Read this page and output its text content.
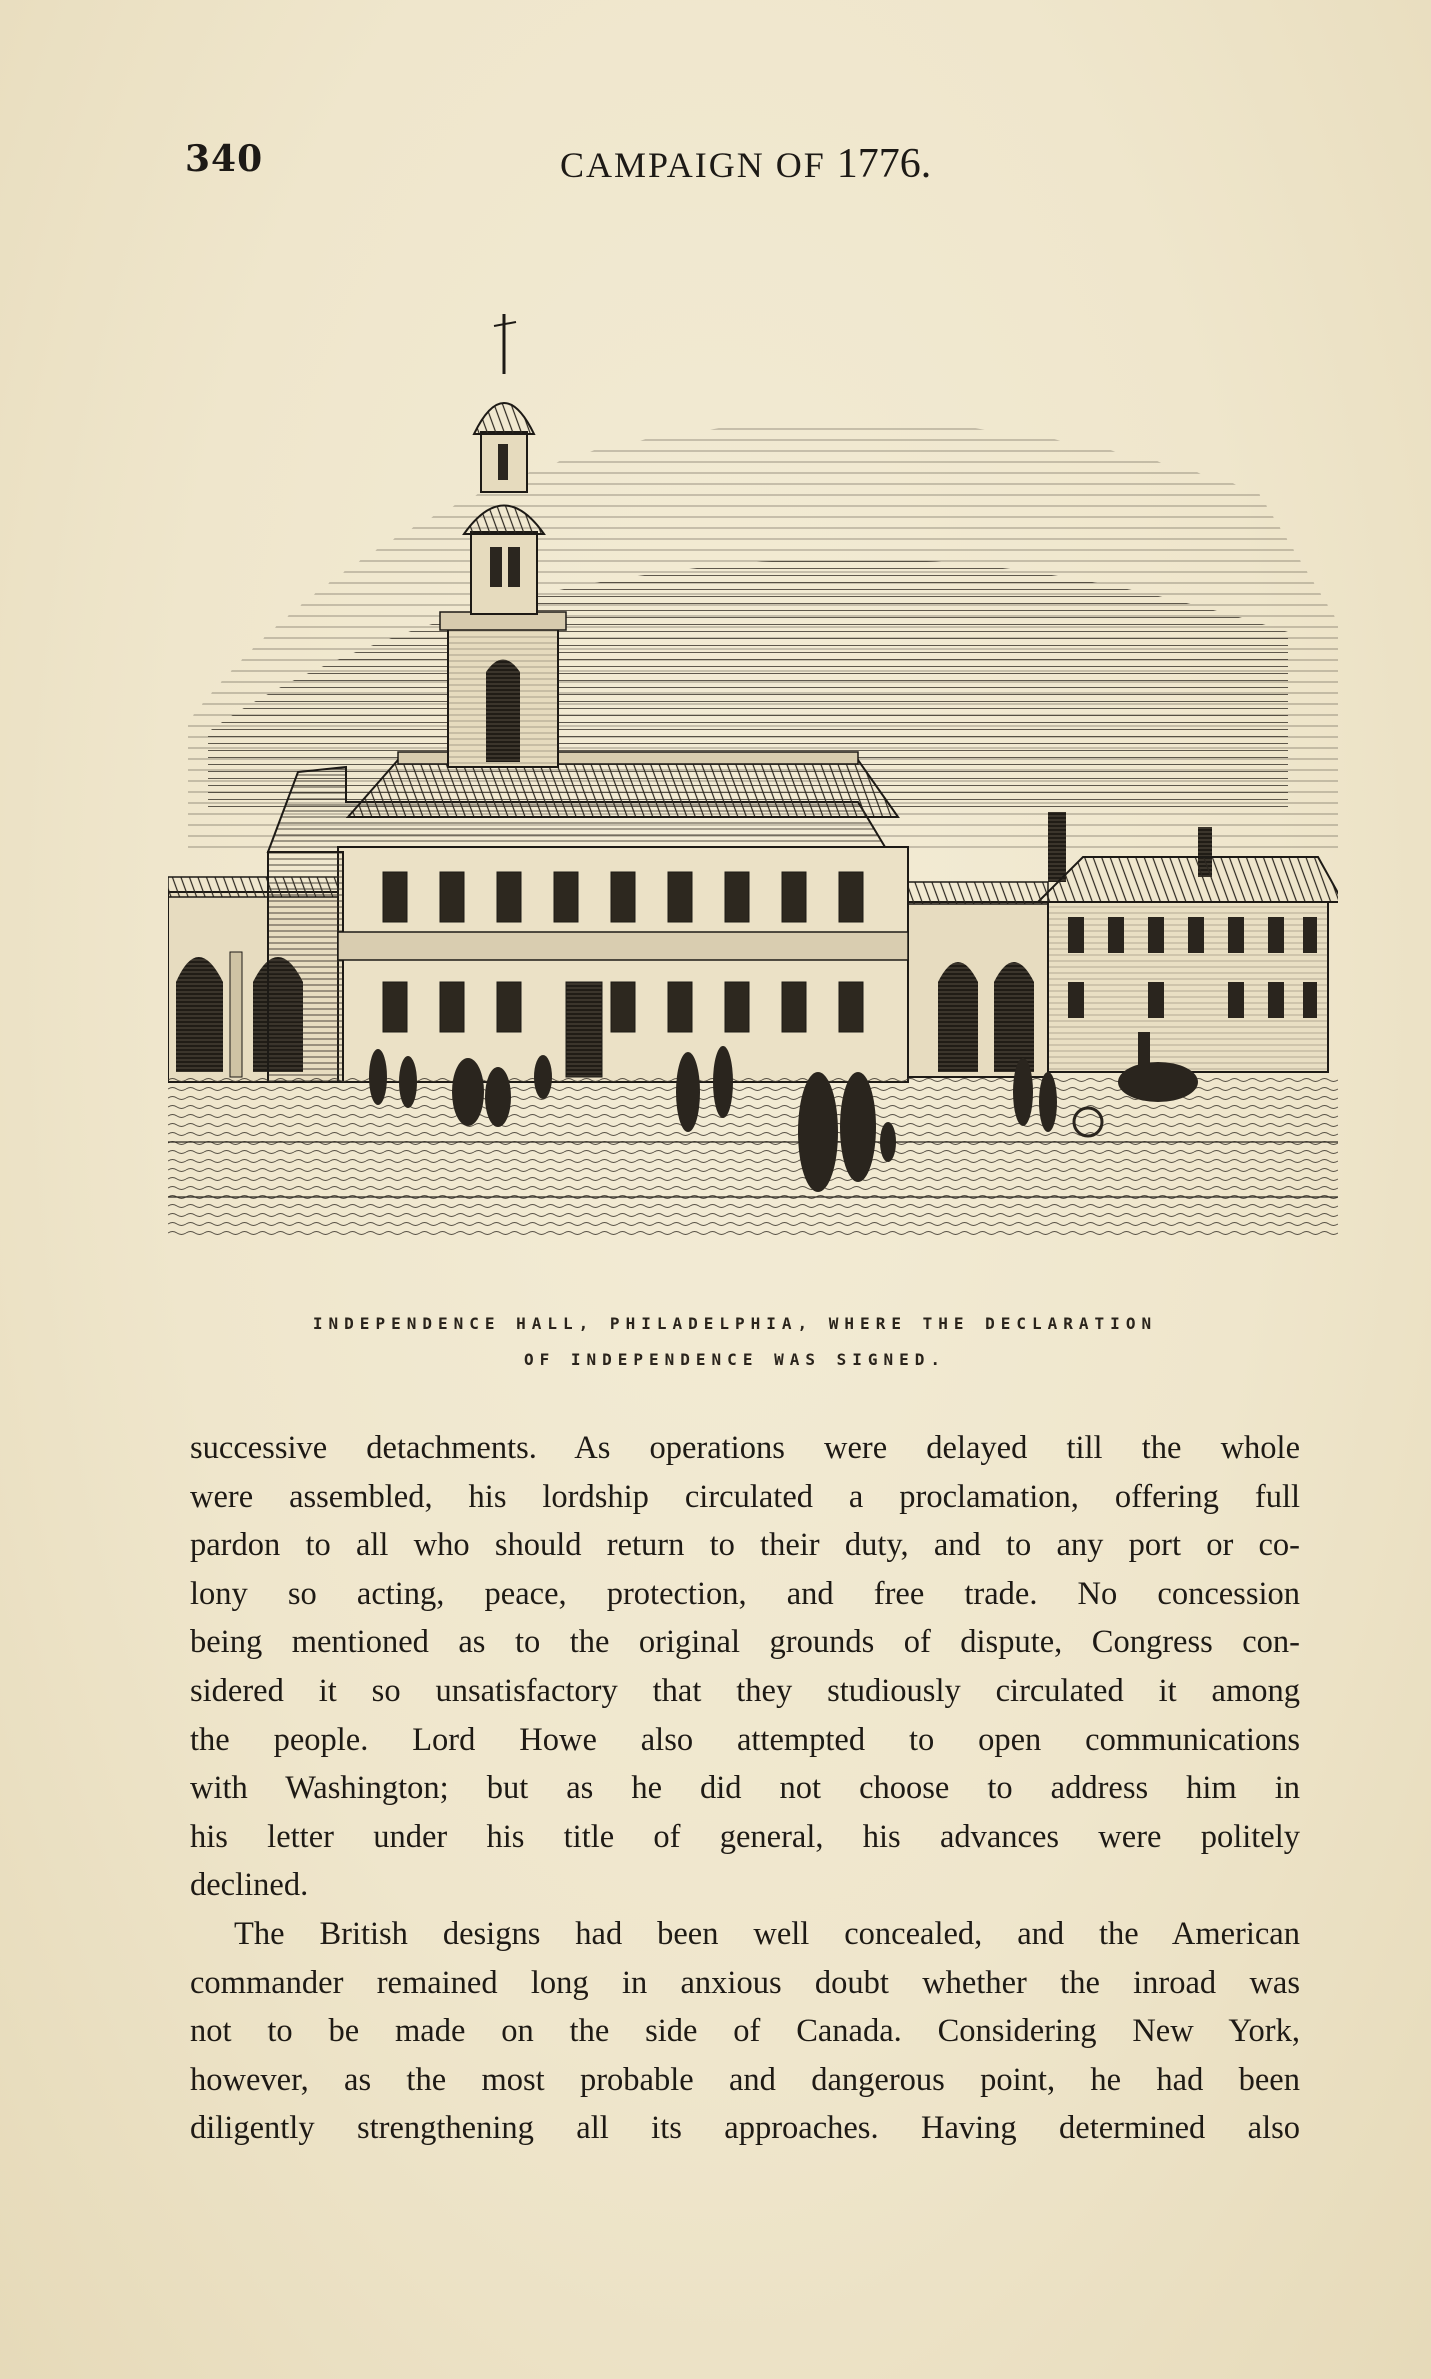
340	CAMPAIGN OF 1776.
INDEPENDENCE HALL, PHILADELPHIA, WHERE THE DECLARATION
OF INDEPENDENCE WAS SIGNED.
successive detachments. As operations were delayed till the whole
were assembled, his lordship circulated a proclamation, offering full
pardon to all who should return to their duty, and to any port or co-
lony so acting, peace, protection, and free trade. No concession
being mentioned as to the original grounds of dispute, Congress con-
sidered it so unsatisfactory that they studiously circulated it among
the people. Lord Howe also attempted to open communications
with Washington; but as he did not choose to address him in
his letter under his title of general, his advances were politely
declined.
The British designs had been well concealed, and the American
commander remained long in anxious doubt whether the inroad was
not to be made on the side of Canada. Considering New York,
however, as the most probable and dangerous point, he had been
diligently strengthening all its approaches. Having determined also
